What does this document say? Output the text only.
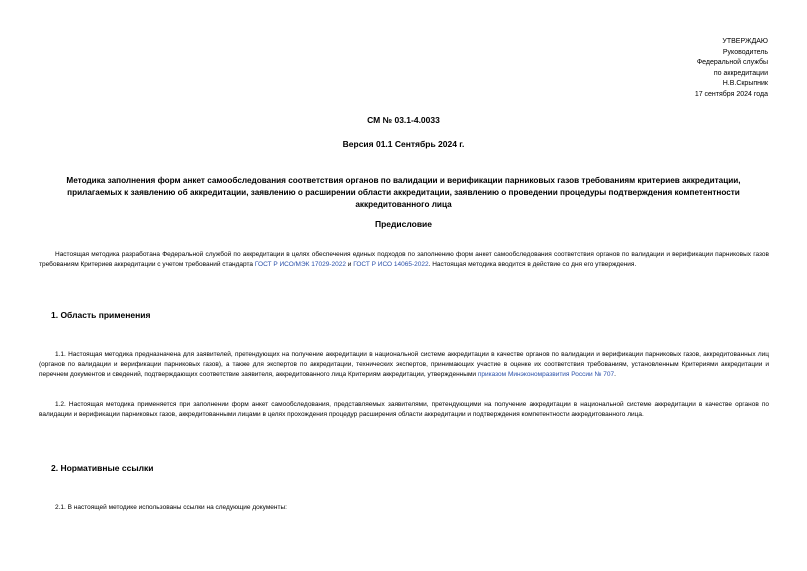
УТВЕРЖДАЮ
Руководитель
Федеральной службы
по аккредитации
Н.В.Скрыпник
17 сентября 2024 года
СМ № 03.1-4.0033
Версия 01.1 Сентябрь 2024 г.
Методика заполнения форм анкет самообследования соответствия органов по валидации и верификации парниковых газов требованиям критериев аккредитации, прилагаемых к заявлению об аккредитации, заявлению о расширении области аккредитации, заявлению о проведении процедуры подтверждения компетентности аккредитованного лица
Предисловие
Настоящая методика разработана Федеральной службой по аккредитации в целях обеспечения единых подходов по заполнению форм анкет самообследования соответствия органов по валидации и верификации парниковых газов требованиям Критериев аккредитации с учетом требований стандарта ГОСТ Р ИСО/МЭК 17029-2022 и ГОСТ Р ИСО 14065-2022. Настоящая методика вводится в действие со дня его утверждения.
1. Область применения
1.1. Настоящая методика предназначена для заявителей, претендующих на получение аккредитации в национальной системе аккредитации в качестве органов по валидации и верификации парниковых газов, аккредитованных лиц (органов по валидации и верификации парниковых газов), а также для экспертов по аккредитации, технических экспертов, принимающих участие в оценке их соответствия требованиям, установленным Критериями аккредитации и перечнем документов и сведений, подтверждающих соответствие заявителя, аккредитованного лица Критериям аккредитации, утвержденными приказом Минэкономразвития России № 707.
1.2. Настоящая методика применяется при заполнении форм анкет самообследования, представляемых заявителями, претендующими на получение аккредитации в национальной системе аккредитации в качестве органов по валидации и верификации парниковых газов, аккредитованными лицами в целях прохождения процедур расширения области аккредитации и подтверждения компетентности аккредитованного лица.
2. Нормативные ссылки
2.1. В настоящей методике использованы ссылки на следующие документы:
